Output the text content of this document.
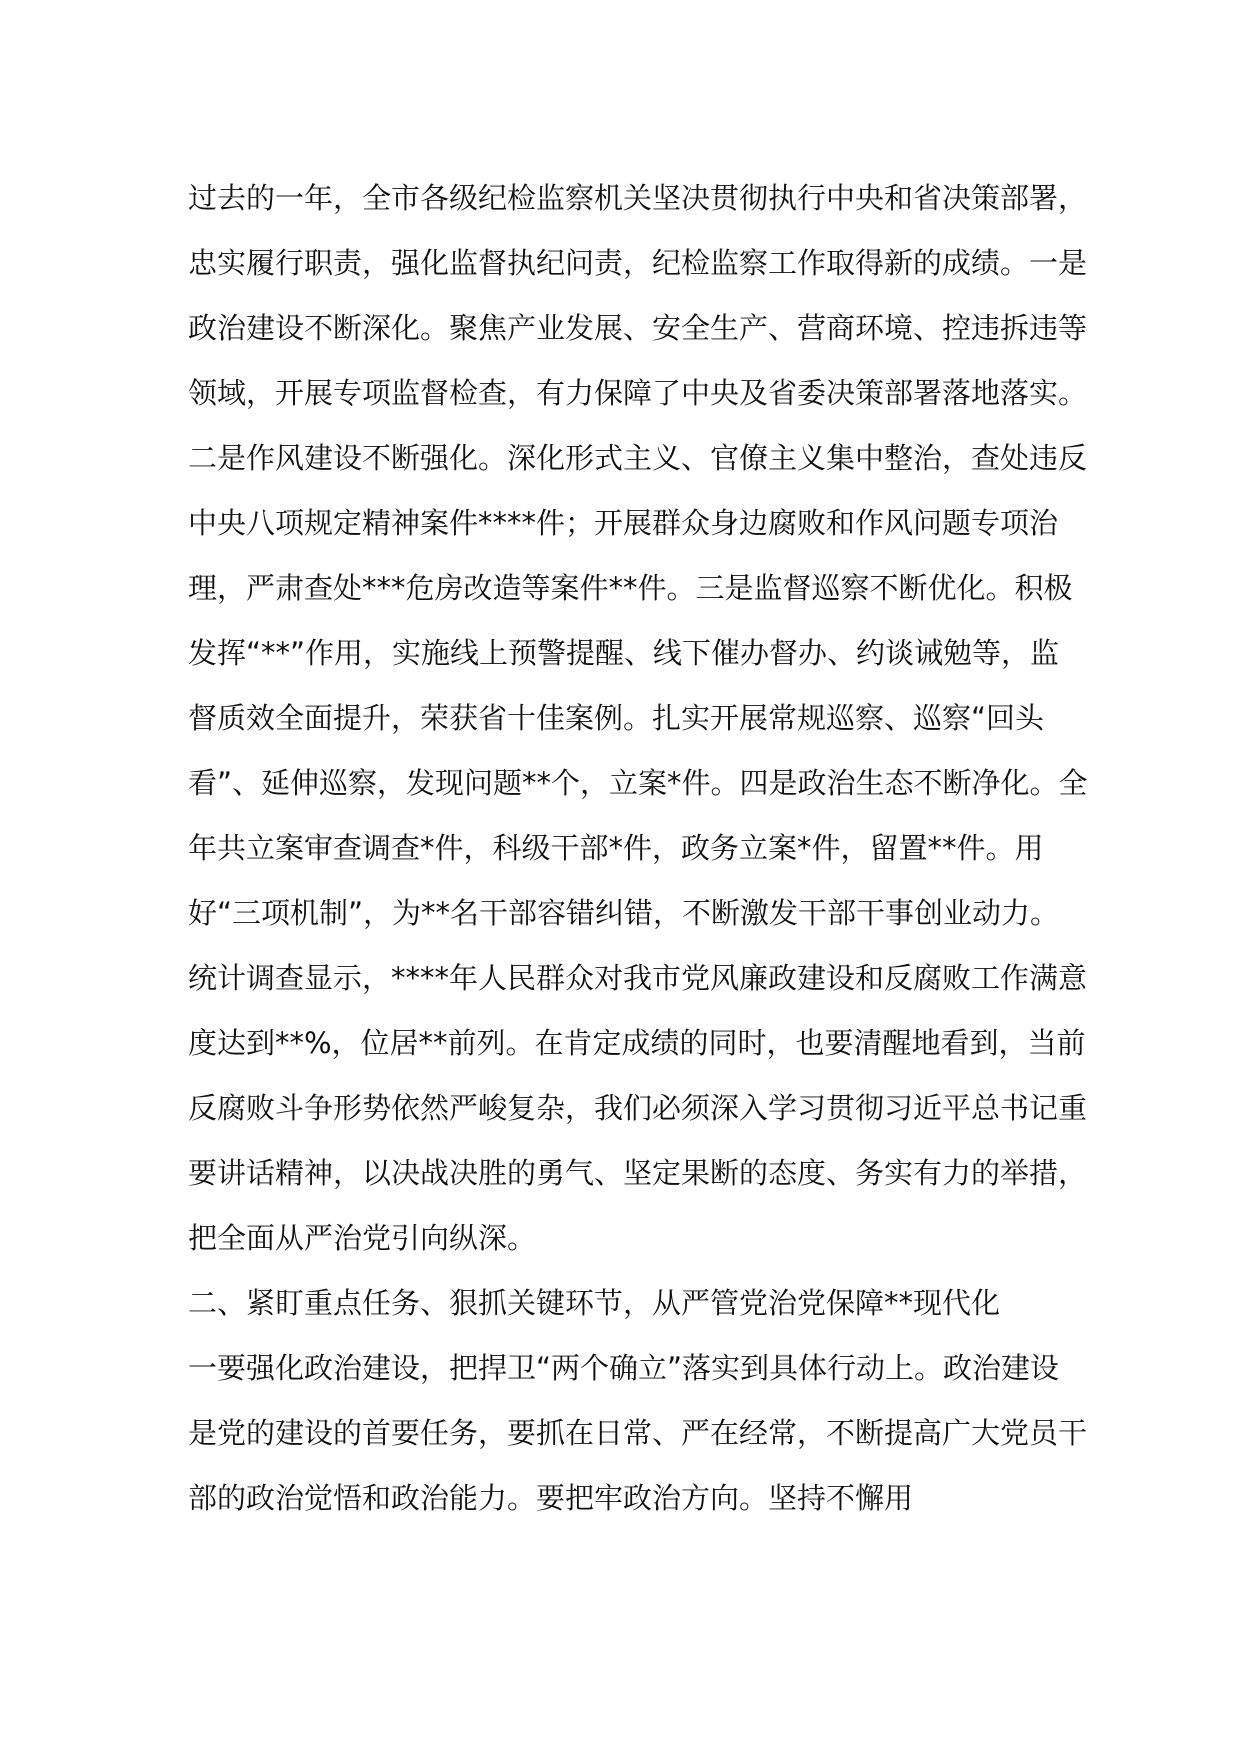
过去的一年，全市各级纪检监察机关坚决贯彻执行中央和省决策部署，忠实履行职责，强化监督执纪问责，纪检监察工作取得新的成绩。一是政治建设不断深化。聚焦产业发展、安全生产、营商环境、控违拆违等领域，开展专项监督检查，有力保障了中央及省委决策部署落地落实。二是作风建设不断强化。深化形式主义、官僚主义集中整治，查处违反中央八项规定精神案件****件；开展群众身边腐败和作风问题专项治理，严肃查处***危房改造等案件**件。三是监督巡察不断优化。积极发挥“**”作用，实施线上预警提醒、线下催办督办、约谈诫勉等，监督质效全面提升，荣获省十佳案例。扎实开展常规巡察、巡察“回头看”、延伸巡察，发现问题**个，立案*件。四是政治生态不断净化。全年共立案审查调查*件，科级干部*件，政务立案*件，留置**件。用好“三项机制”，为**名干部容错纠错，不断激发干部干事创业动力。统计调查显示，****年人民群众对我市党风廉政建设和反腐败工作满意度达到**%，位居**前列。在肯定成绩的同时，也要清醒地看到，当前反腐败斗争形势依然严峻复杂，我们必须深入学习贯彻习近平总书记重要讲话精神，以决战决胜的勇气、坚定果断的态度、务实有力的举措，把全面从严治党引向纵深。

二、紧盯重点任务、狠抓关键环节，从严管党治党保障**现代化

一要强化政治建设，把捍卫“两个确立”落实到具体行动上。政治建设是党的建设的首要任务，要抓在日常、严在经常，不断提高广大党员干部的政治觉悟和政治能力。要把牢政治方向。坚持不懈用
